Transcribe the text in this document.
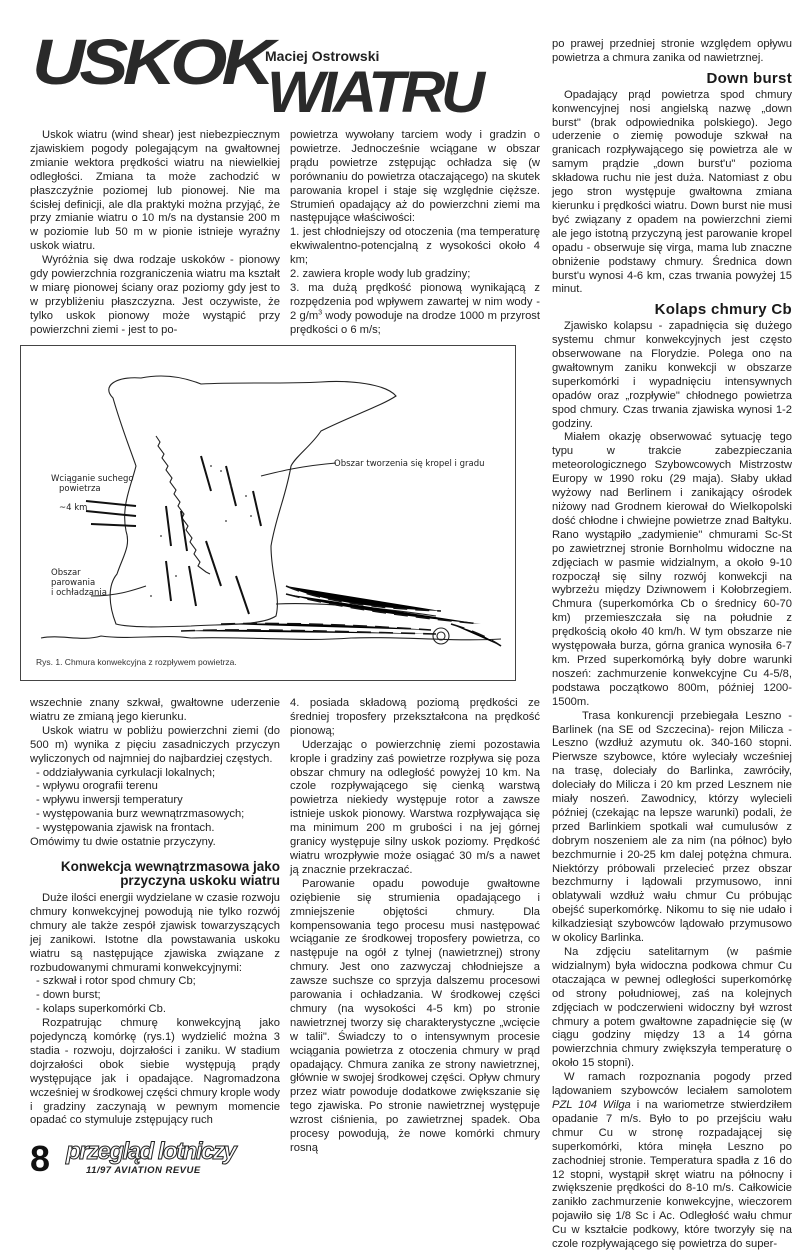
USKOK
Maciej Ostrowski
WIATRU

Uskok wiatru (wind shear) jest niebezpiecznym zjawiskiem pogody polegającym na gwałtownej zmianie wektora prędkości wiatru na niewielkiej odległości. Zmiana ta może zachodzić w płaszczyźnie poziomej lub pionowej. Nie ma ścisłej definicji, ale dla praktyki można przyjąć, że przy zmianie wiatru o 10 m/s na dystansie 200 m w poziomie lub 50 m w pionie istnieje wyraźny uskok wiatru.

Wyróżnia się dwa rodzaje uskoków - pionowy gdy powierzchnia rozgraniczenia wiatru ma kształt w miarę pionowej ściany oraz poziomy gdy jest to w przybliżeniu płaszczyzna. Jest oczywiste, że tylko uskok pionowy może wystąpić przy powierzchni ziemi - jest to po-

powietrza wywołany tarciem wody i gradzin o powietrze. Jednocześnie wciągane w obszar prądu powietrze zstępując ochładza się (w porównaniu do powietrza otaczającego) na skutek parowania kropel i staje się względnie cięższe. Strumień opadający aż do powierzchni ziemi ma następujące właściwości:

1. jest chłodniejszy od otoczenia (ma temperaturę ekwiwalentno-potencjalną z wysokości około 4 km;

2. zawiera krople wody lub gradziny;

3. ma dużą prędkość pionową wynikającą z rozpędzenia pod wpływem zawartej w nim wody - 2 $g/m^3$ wody powoduje na drodze 1000 m przyrost prędkości o 6 m/s;

Wciąganie suchego
powietrza
~4 km
Obszar tworzenia się kropel i gradu
Obszar
parowania
i ochładzania
Rys. 1. Chmura konwekcyjna z rozpływem powietrza.

wszechnie znany szkwał, gwałtowne uderzenie wiatru ze zmianą jego kierunku.

Uskok wiatru w pobliżu powierzchni ziemi (do 500 m) wynika z pięciu zasadniczych przyczyn wyliczonych od najmniej do najbardziej częstych.

- oddziaływania cyrkulacji lokalnych;

- wpływu orografii terenu

- wpływu inwersji temperatury

- występowania burz wewnątrzmasowych;

- występowania zjawisk na frontach.

Omówimy tu dwie ostatnie przyczyny.

Konwekcja wewnątrzmasowa jako przyczyna uskoku wiatru

Duże ilości energii wydzielane w czasie rozwoju chmury konwekcyjnej powodują nie tylko rozwój chmury ale także zespół zjawisk towarzyszących jej zanikowi. Istotne dla powstawania uskoku wiatru są następujące zjawiska związane z rozbudowanymi chmurami konwekcyjnymi:

- szkwał i rotor spod chmury Cb;

- down burst;

- kolaps superkomórki Cb.

Rozpatrując chmurę konwekcyjną jako pojedynczą komórkę (rys.1) wydzielić można 3 stadia - rozwoju, dojrzałości i zaniku. W stadium dojrzałości obok siebie występują prądy występujące jak i opadające. Nagromadzona wcześniej w środkowej części chmury krople wody i gradziny zaczynają w pewnym momencie opadać co stymuluje zstępujący ruch

4. posiada składową poziomą prędkości ze średniej troposfery przekształcona na prędkość pionową;

Uderzając o powierzchnię ziemi pozostawia krople i gradziny zaś powietrze rozpływa się poza obszar chmury na odległość powyżej 10 km. Na czole rozpływającego się cienką warstwą powietrza niekiedy występuje rotor a zawsze istnieje uskok pionowy. Warstwa rozpływająca się ma minimum 200 m grubości i na jej górnej granicy występuje silny uskok poziomy. Prędkość wiatru wrozpływie może osiągać 30 m/s a nawet ją znacznie przekraczać.

Parowanie opadu powoduje gwałtowne oziębienie się strumienia opadającego i zmniejszenie objętości chmury. Dla kompensowania tego procesu musi następować wciąganie ze środkowej troposfery powietrza, co następuje na ogół z tylnej (nawietrznej) strony chmury. Jest ono zazwyczaj chłodniejsze a zawsze suchsze co sprzyja dalszemu procesowi parowania i ochładzania. W środkowej części chmury (na wysokości 4-5 km) po stronie nawietrznej tworzy się charakterystyczne „wcięcie w talii". Świadczy to o intensywnym procesie wciągania powietrza z otoczenia chmury w prąd opadający. Chmura zanika ze strony nawietrznej, głównie w swojej środkowej części. Opływ chmury przez wiatr powoduje dodatkowe zwiększanie się tego zjawiska. Po stronie nawietrznej występuje wzrost ciśnienia, po zawietrznej spadek. Oba procesy powodują, że nowe komórki chmury rosną

po prawej przedniej stronie względem opływu powietrza a chmura zanika od nawietrznej.

Down burst

Opadający prąd powietrza spod chmury konwencyjnej nosi angielską nazwę „down burst" (brak odpowiednika polskiego). Jego uderzenie o ziemię powoduje szkwał na granicach rozpływającego się powietrza ale w samym prądzie „down burst'u" pozioma składowa ruchu nie jest duża. Natomiast z obu jego stron występuje gwałtowna zmiana kierunku i prędkości wiatru. Down burst nie musi być związany z opadem na powierzchni ziemi ale jego istotną przyczyną jest parowanie kropel opadu - obserwuje się virga, mama lub znaczne obniżenie podstawy chmury. Średnica down burst'u wynosi 4-6 km, czas trwania powyżej 15 minut.

Kolaps chmury Cb

Zjawisko kolapsu - zapadnięcia się dużego systemu chmur konwekcyjnych jest często obserwowane na Florydzie. Polega ono na gwałtownym zaniku konwekcji w obszarze superkomórki i wypadnięciu intensywnych opadów oraz „rozpływie" chłodnego powietrza spod chmury. Czas trwania zjawiska wynosi 1-2 godziny.

Miałem okazję obserwować sytuację tego typu w trakcie zabezpieczania meteorologicznego Szybowcowych Mistrzostw Europy w 1990 roku (29 maja). Słaby układ wyżowy nad Berlinem i zanikający ośrodek niżowy nad Grodnem kierował do Wielkopolski dość chłodne i chwiejne powietrze znad Bałtyku. Rano wystąpiło „zadymienie" chmurami Sc-St po zawietrznej stronie Bornholmu widoczne na zdjęciach w pasmie widzialnym, a około 9-10 rozpoczął się silny rozwój konwekcji na wybrzeżu między Dziwnowem i Kołobrzegiem. Chmura (superkomórka Cb o średnicy 60-70 km) przemieszczała się na południe z prędkością około 40 km/h. W tym obszarze nie występowała burza, górna granica wynosiła 6-7 km. Przed superkomórką były dobre warunki noszeń: zachmurzenie konwekcyjne Cu 4-5/8, podstawa początkowo 800m, później 1200-1500m.

Trasa konkurencji przebiegała Leszno - Barlinek (na SE od Szczecina)- rejon Milicza - Leszno (wzdłuż azymutu ok. 340-160 stopni. Pierwsze szybowce, które wyleciały wcześniej na trasę, doleciały do Barlinka, zawróciły, doleciały do Milicza i 20 km przed Lesznem nie miały noszeń. Zawodnicy, którzy wylecieli później (czekając na lepsze warunki) podali, że przed Barlinkiem spotkali wał cumulusów z dobrym noszeniem ale za nim (na północ) było bezchmurnie i 20-25 km dalej potężna chmura. Niektórzy próbowali przelecieć przez obszar bezchmurny i lądowali przymusowo, inni oblatywali wzdłuż wału chmur Cu próbując obejść superkomórkę. Nikomu to się nie udało i kilkadziesiąt szybowców lądowało przymusowo w okolicy Barlinka.

Na zdjęciu satelitarnym (w paśmie widzialnym) była widoczna podkowa chmur Cu otaczająca w pewnej odległości superkomórkę od strony południowej, zaś na kolejnych zdjęciach w podczerwieni widoczny był wzrost chmury a potem gwałtowne zapadnięcie się (w ciągu godziny między 13 a 14 górna powierzchnia chmury zwiększyła temperaturę o około 15 stopni).

W ramach rozpoznania pogody przed lądowaniem szybowców leciałem samolotem PZL 104 Wilga i na wariometrze stwierdziłem opadanie 7 m/s. Było to po przejściu wału chmur Cu w stronę rozpadającej się superkomórki, która minęła Leszno po zachodniej stronie. Temperatura spadła z 16 do 12 stopni, wystąpił skręt wiatru na północny i zwiększenie prędkości do 8-10 m/s. Całkowicie zanikło zachmurzenie konwekcyjne, wieczorem pojawiło się 1/8 Sc i Ac. Odległość wału chmur Cu w kształcie podkowy, które tworzyły się na czole rozpływającego się powietrza do super-

8 przegląd lotniczy
11/97 AVIATION REVUE
